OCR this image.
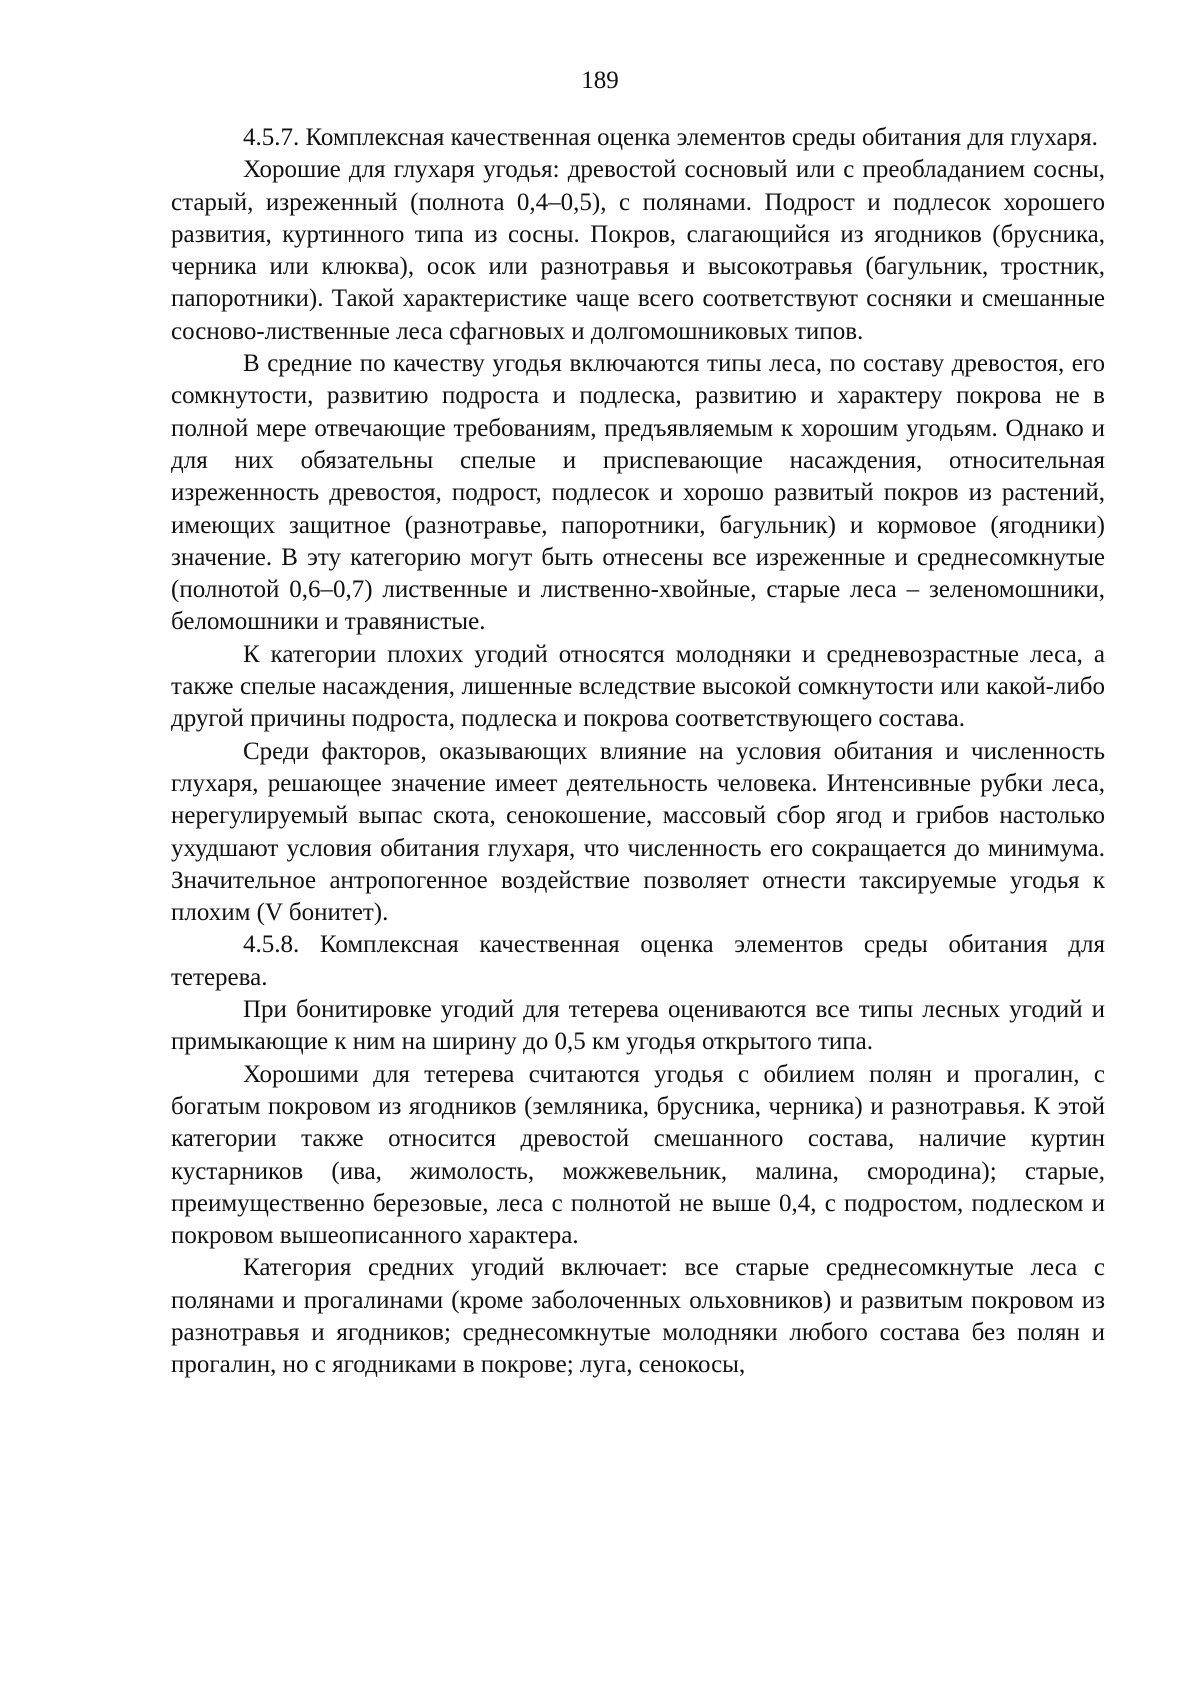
189

4.5.7. Комплексная качественная оценка элементов среды обитания для глухаря.

Хорошие для глухаря угодья: древостой сосновый или с преобладанием сосны, старый, изреженный (полнота 0,4–0,5), с полянами. Подрост и подлесок хорошего развития, куртинного типа из сосны. Покров, слагающийся из ягодников (брусника, черника или клюква), осок или разнотравья и высокотравья (багульник, тростник, папоротники). Такой характеристике чаще всего соответствуют сосняки и смешанные сосново-лиственные леса сфагновых и долгомошниковых типов.

В средние по качеству угодья включаются типы леса, по составу древостоя, его сомкнутости, развитию подроста и подлеска, развитию и характеру покрова не в полной мере отвечающие требованиям, предъявляемым к хорошим угодьям. Однако и для них обязательны спелые и приспевающие насаждения, относительная изреженность древостоя, подрост, подлесок и хорошо развитый покров из растений, имеющих защитное (разнотравье, папоротники, багульник) и кормовое (ягодники) значение. В эту категорию могут быть отнесены все изреженные и среднесомкнутые (полнотой 0,6–0,7) лиственные и лиственно-хвойные, старые леса – зеленомошники, беломошники и травянистые.

К категории плохих угодий относятся молодняки и средневозрастные леса, а также спелые насаждения, лишенные вследствие высокой сомкнутости или какой-либо другой причины подроста, подлеска и покрова соответствующего состава.

Среди факторов, оказывающих влияние на условия обитания и численность глухаря, решающее значение имеет деятельность человека. Интенсивные рубки леса, нерегулируемый выпас скота, сенокошение, массовый сбор ягод и грибов настолько ухудшают условия обитания глухаря, что численность его сокращается до минимума. Значительное антропогенное воздействие позволяет отнести таксируемые угодья к плохим (V бонитет).

4.5.8. Комплексная качественная оценка элементов среды обитания для тетерева.

При бонитировке угодий для тетерева оцениваются все типы лесных угодий и примыкающие к ним на ширину до 0,5 км угодья открытого типа.

Хорошими для тетерева считаются угодья с обилием полян и прогалин, с богатым покровом из ягодников (земляника, брусника, черника) и разнотравья. К этой категории также относится древостой смешанного состава, наличие куртин кустарников (ива, жимолость, можжевельник, малина, смородина); старые, преимущественно березовые, леса с полнотой не выше 0,4, с подростом, подлеском и покровом вышеописанного характера.

Категория средних угодий включает: все старые среднесомкнутые леса с полянами и прогалинами (кроме заболоченных ольховников) и развитым покровом из разнотравья и ягодников; среднесомкнутые молодняки любого состава без полян и прогалин, но с ягодниками в покрове; луга, сенокосы,
